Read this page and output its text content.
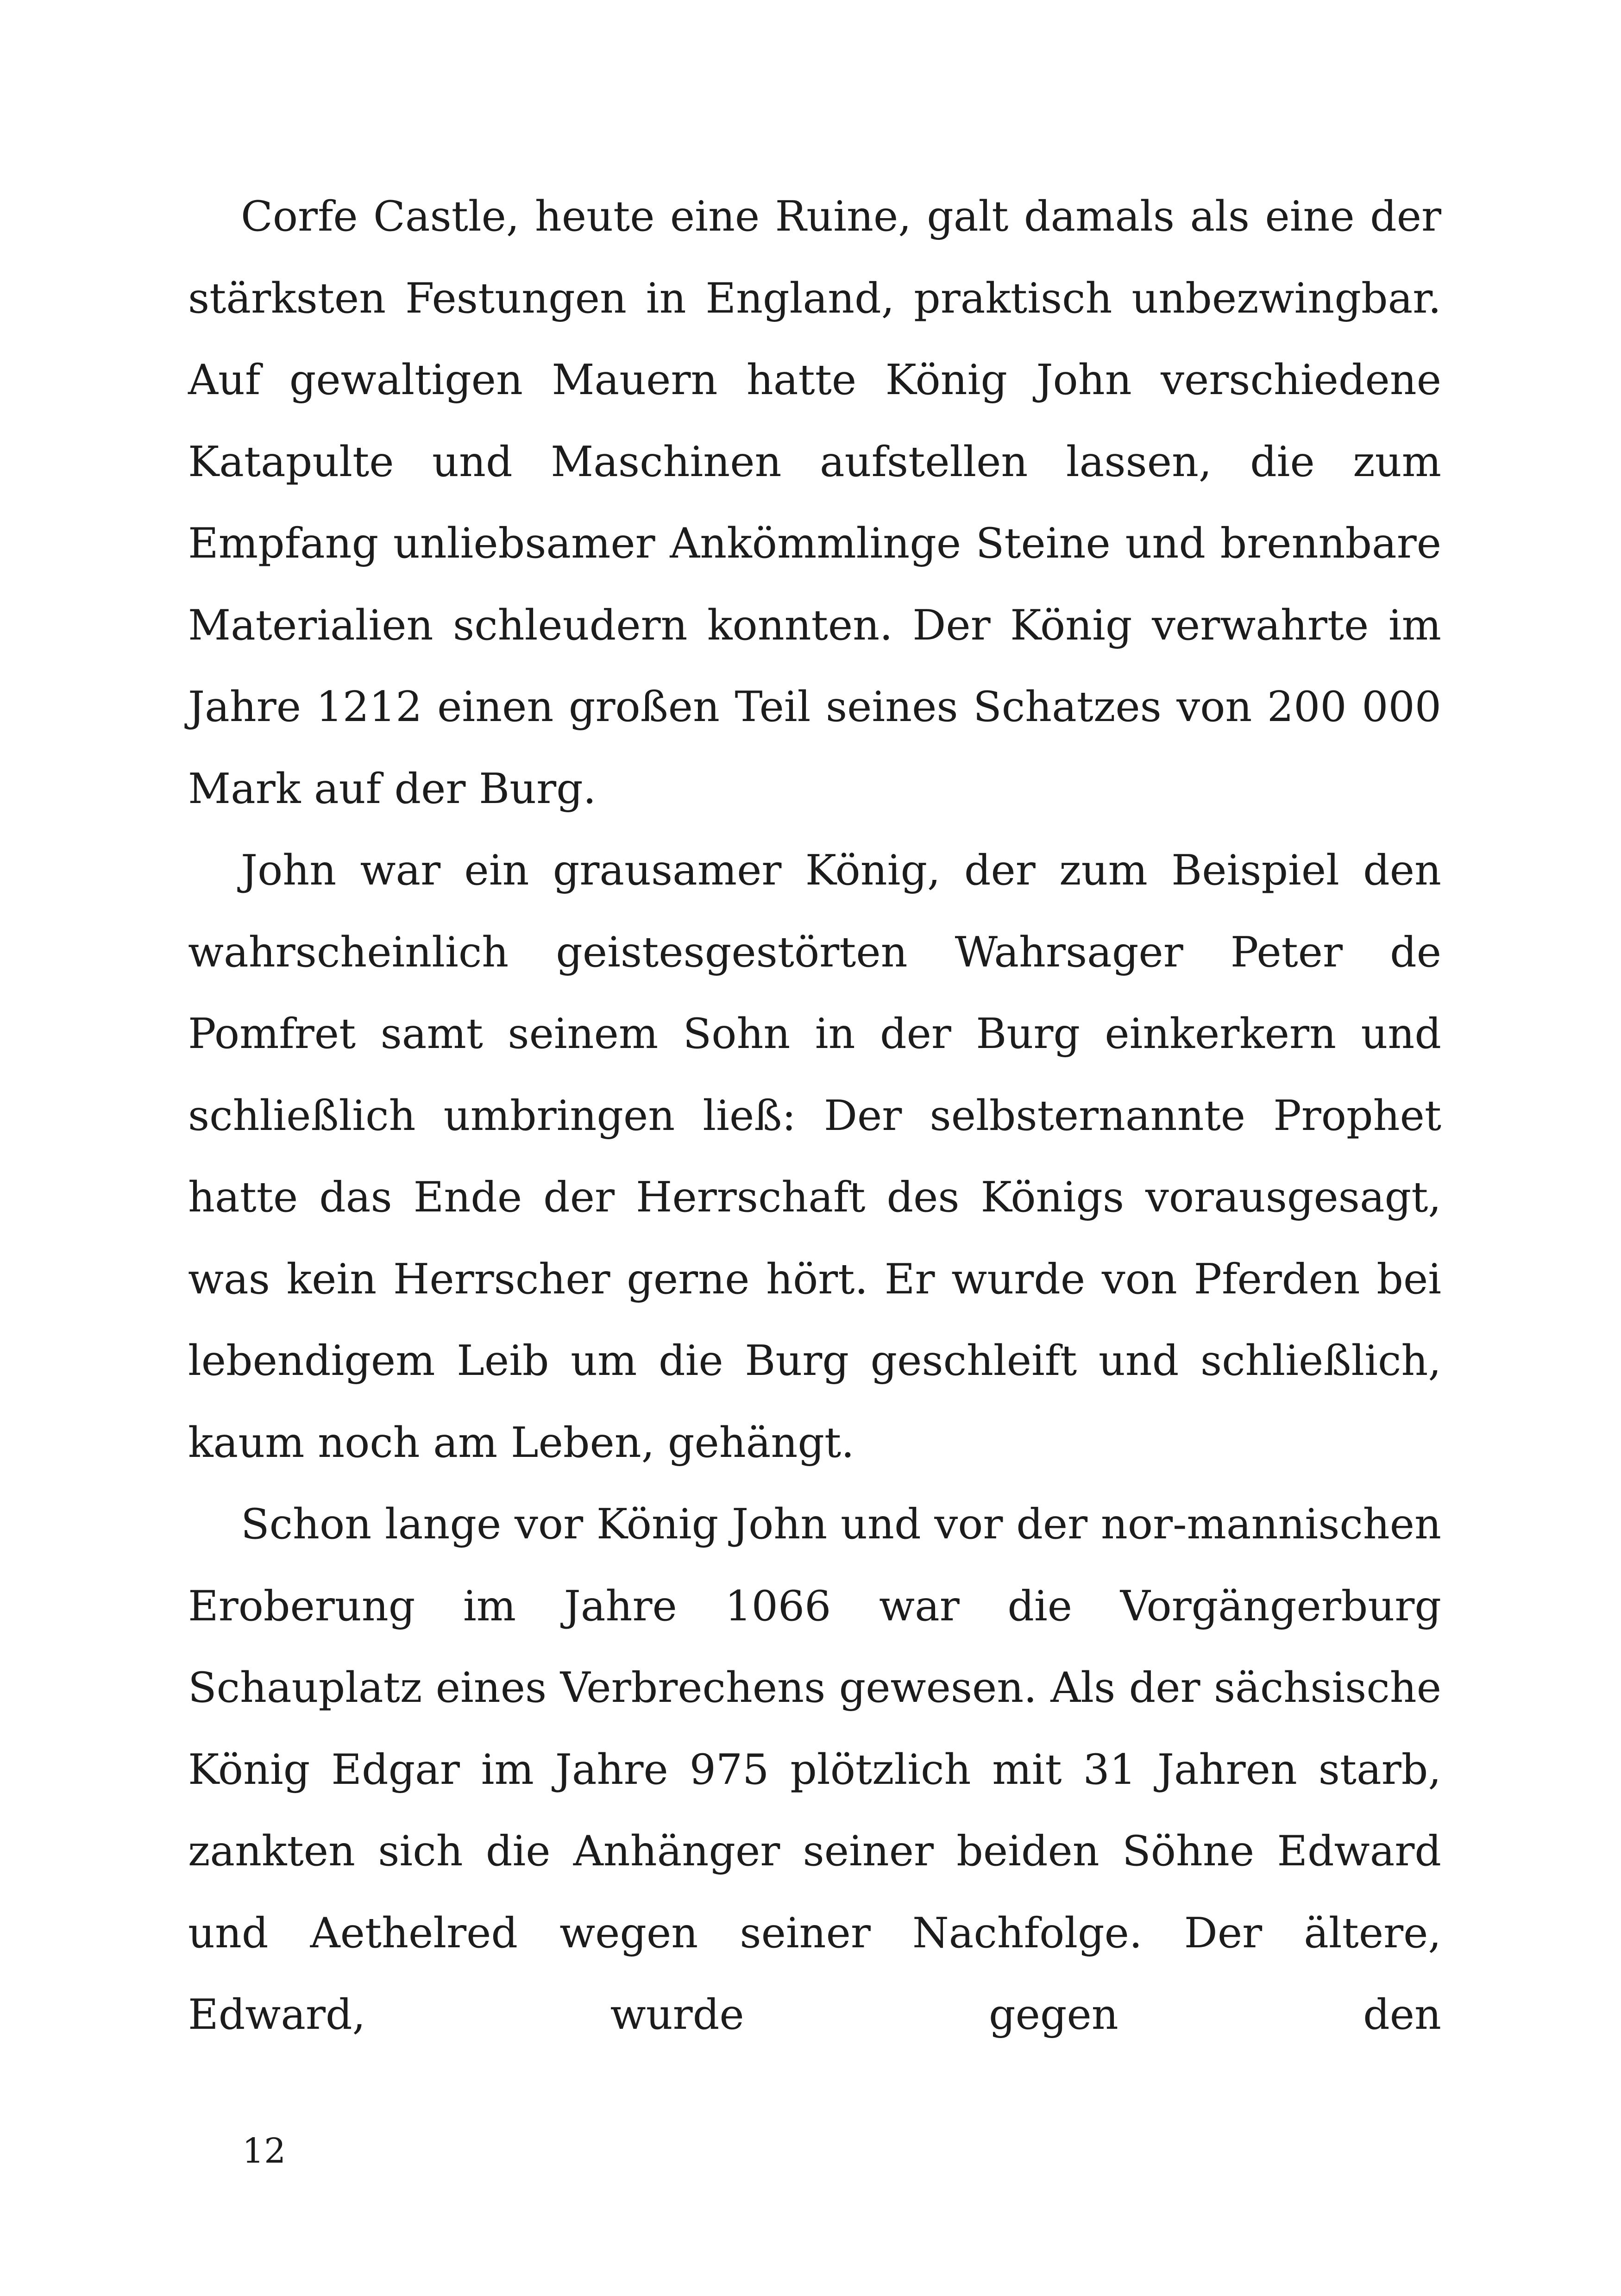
Corfe Castle, heute eine Ruine, galt damals als eine der stärksten Festungen in England, praktisch unbezwingbar. Auf gewaltigen Mauern hatte König John verschiedene Katapulte und Maschinen aufstellen lassen, die zum Empfang unliebsamer Ankömmlinge Steine und brennbare Materialien schleudern konnten. Der König verwahrte im Jahre 1212 einen großen Teil seines Schatzes von 200 000 Mark auf der Burg.

John war ein grausamer König, der zum Beispiel den wahrscheinlich geistesgestörten Wahrsager Peter de Pomfret samt seinem Sohn in der Burg einkerkern und schließlich umbringen ließ: Der selbsternannte Prophet hatte das Ende der Herrschaft des Königs vorausgesagt, was kein Herrscher gerne hört. Er wurde von Pferden bei lebendigem Leib um die Burg geschleift und schließlich, kaum noch am Leben, gehängt.

Schon lange vor König John und vor der nor-mannischen Eroberung im Jahre 1066 war die Vorgängerburg Schauplatz eines Verbrechens gewesen. Als der sächsische König Edgar im Jahre 975 plötzlich mit 31 Jahren starb, zankten sich die Anhänger seiner beiden Söhne Edward und Aethelred wegen seiner Nachfolge. Der ältere, Edward, wurde gegen den

12
